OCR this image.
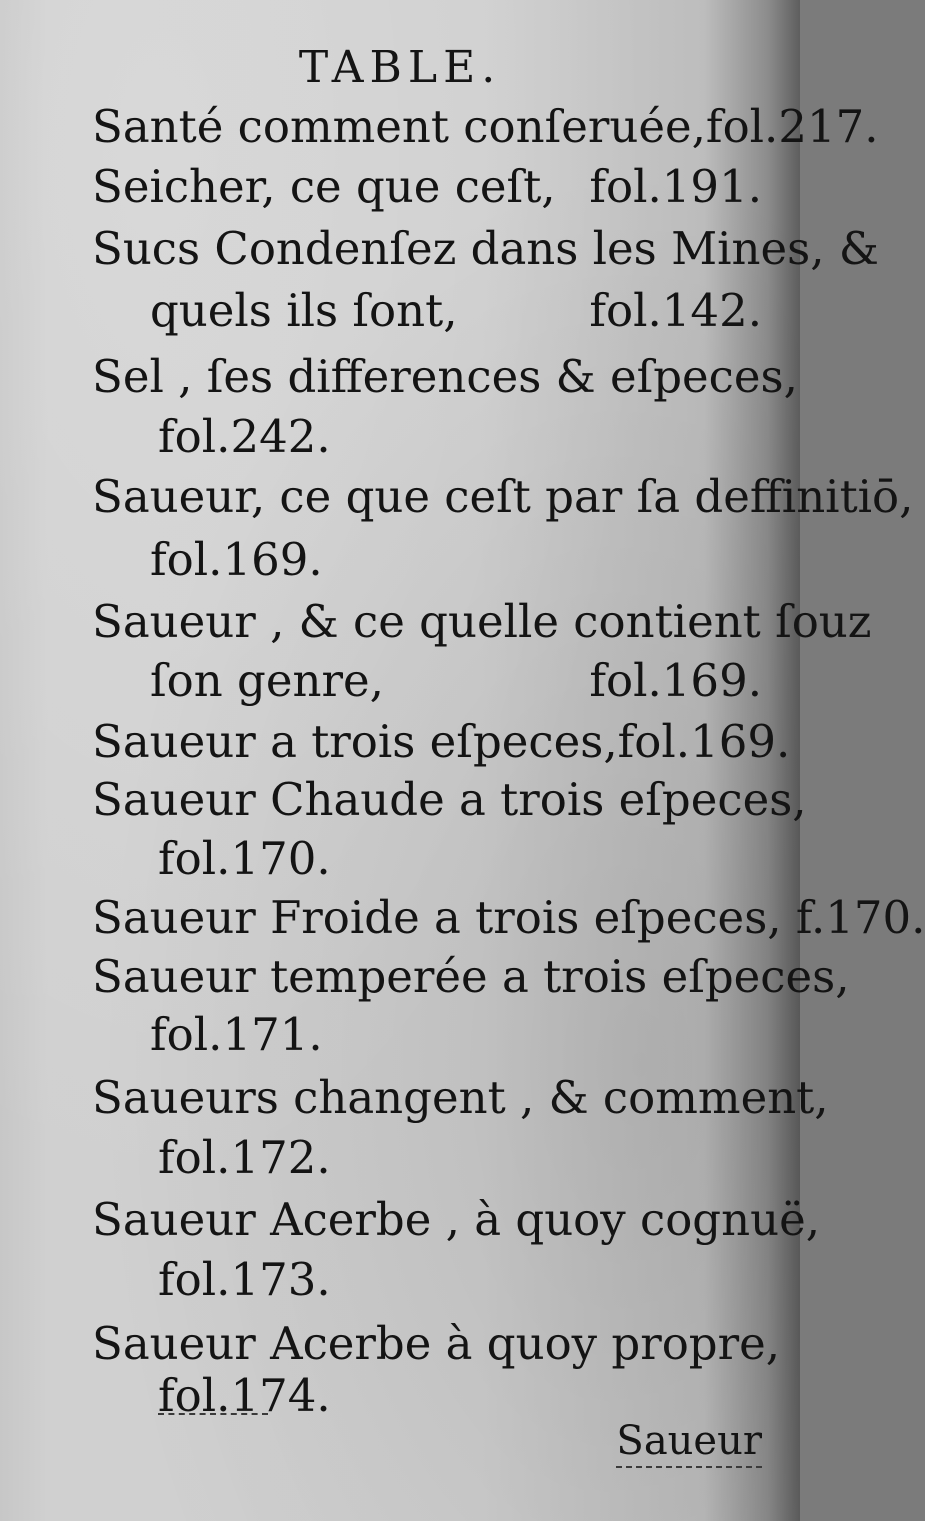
TABLE.
Santé comment conſeruée, fol.217.
Seicher, ce que ceſt, fol.191.
Sucs Condenſez dans les Mines, &
quels ils ſont,	fol.142.
Sel , ſes differences & eſpeces,
fol.242.
Saueur, ce que ceſt par ſa deffinitiō,
fol.169.
Saueur , & ce quelle contient ſouz
ſon genre,	fol.169.
Saueur a trois eſpeces, fol.169.
Saueur Chaude a trois eſpeces,
fol.170.
Saueur Froide a trois eſpeces, f.170.
Saueur temperée a trois eſpeces,
fol.171.
Saueurs changent , & comment,
fol.172.
Saueur Acerbe , à quoy cognuë,
fol.173.
Saueur Acerbe à quoy propre,
fol.174.
Saueur
